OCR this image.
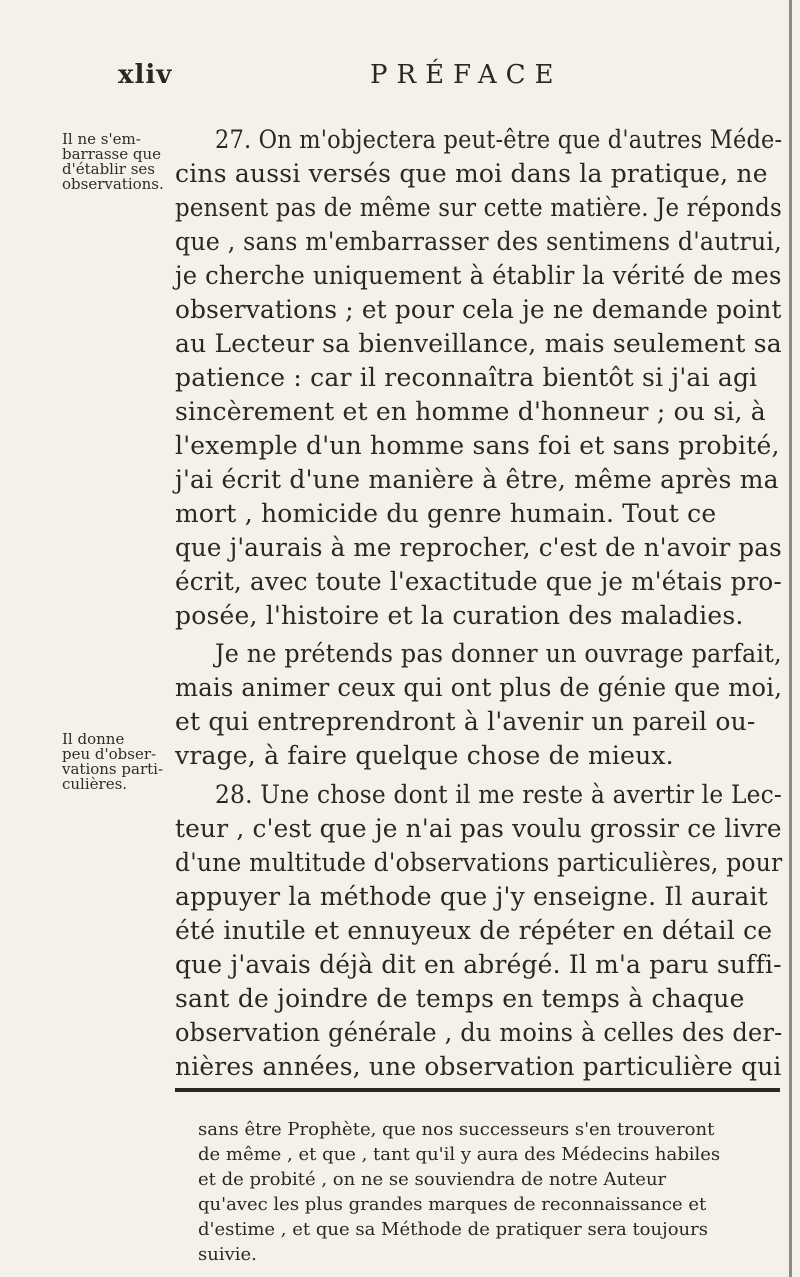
xliv	PRÉFACE
Il ne s'em-
barrasse que
d'établir ses
observations.
Il donne
peu d'obser-
vations parti-
culières.
27. On m'objectera peut-être que d'autres Méde-
cins aussi versés que moi dans la pratique, ne
pensent pas de même sur cette matière. Je réponds
que , sans m'embarrasser des sentimens d'autrui,
je cherche uniquement à établir la vérité de mes
observations ; et pour cela je ne demande point
au Lecteur sa bienveillance, mais seulement sa
patience : car il reconnaîtra bientôt si j'ai agi
sincèrement et en homme d'honneur ; ou si, à
l'exemple d'un homme sans foi et sans probité,
j'ai écrit d'une manière à être, même après ma
mort , homicide du genre humain. Tout ce
que j'aurais à me reprocher, c'est de n'avoir pas
écrit, avec toute l'exactitude que je m'étais pro-
posée, l'histoire et la curation des maladies.
Je ne prétends pas donner un ouvrage parfait,
mais animer ceux qui ont plus de génie que moi,
et qui entreprendront à l'avenir un pareil ou-
vrage, à faire quelque chose de mieux.
28. Une chose dont il me reste à avertir le Lec-
teur , c'est que je n'ai pas voulu grossir ce livre
d'une multitude d'observations particulières, pour
appuyer la méthode que j'y enseigne. Il aurait
été inutile et ennuyeux de répéter en détail ce
que j'avais déjà dit en abrégé. Il m'a paru suffi-
sant de joindre de temps en temps à chaque
observation générale , du moins à celles des der-
nières années, une observation particulière qui
sans être Prophète, que nos successeurs s'en trouveront
de même , et que , tant qu'il y aura des Médecins habiles
et de probité , on ne se souviendra de notre Auteur
qu'avec les plus grandes marques de reconnaissance et
d'estime , et que sa Méthode de pratiquer sera toujours
suivie.
